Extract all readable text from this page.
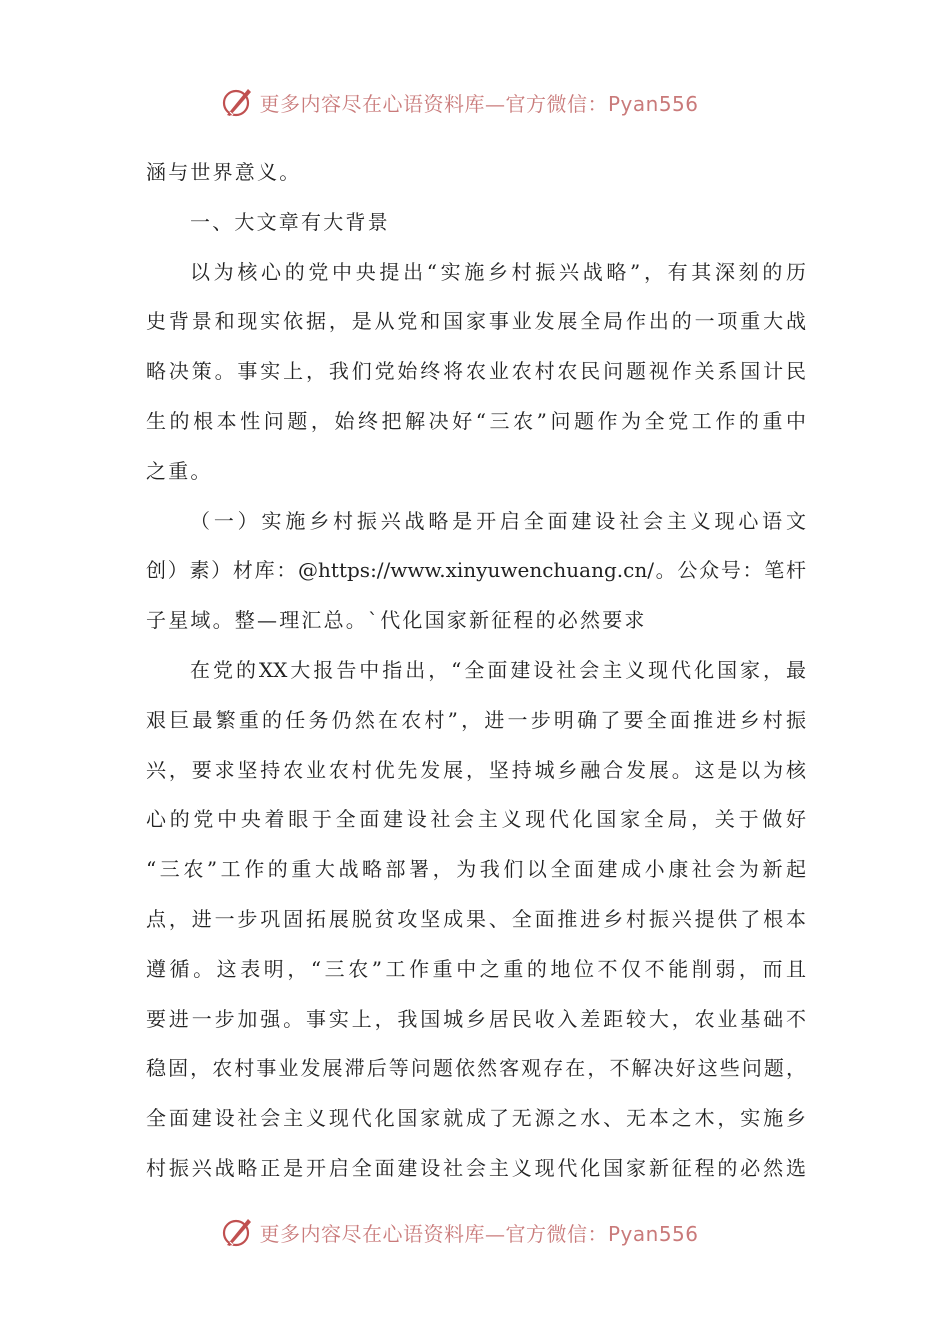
更多内容尽在心语资料库—官方微信：Pyan556
涵与世界意义。
一、大文章有大背景
以为核心的党中央提出“实施乡村振兴战略”，有其深刻的历
史背景和现实依据，是从党和国家事业发展全局作出的一项重大战
略决策。事实上，我们党始终将农业农村农民问题视作关系国计民
生的根本性问题，始终把解决好“三农”问题作为全党工作的重中
之重。
（一）实施乡村振兴战略是开启全面建设社会主义现心语文
创）素）材库：@https://www.xinyuwenchuang.cn/。公众号：笔杆
子星域。整—理汇总。`代化国家新征程的必然要求
在党的XX大报告中指出，“全面建设社会主义现代化国家，最
艰巨最繁重的任务仍然在农村”，进一步明确了要全面推进乡村振
兴，要求坚持农业农村优先发展，坚持城乡融合发展。这是以为核
心的党中央着眼于全面建设社会主义现代化国家全局，关于做好
“三农”工作的重大战略部署，为我们以全面建成小康社会为新起
点，进一步巩固拓展脱贫攻坚成果、全面推进乡村振兴提供了根本
遵循。这表明，“三农”工作重中之重的地位不仅不能削弱，而且
要进一步加强。事实上，我国城乡居民收入差距较大，农业基础不
稳固，农村事业发展滞后等问题依然客观存在，不解决好这些问题，
全面建设社会主义现代化国家就成了无源之水、无本之木，实施乡
村振兴战略正是开启全面建设社会主义现代化国家新征程的必然选
更多内容尽在心语资料库—官方微信：Pyan556
